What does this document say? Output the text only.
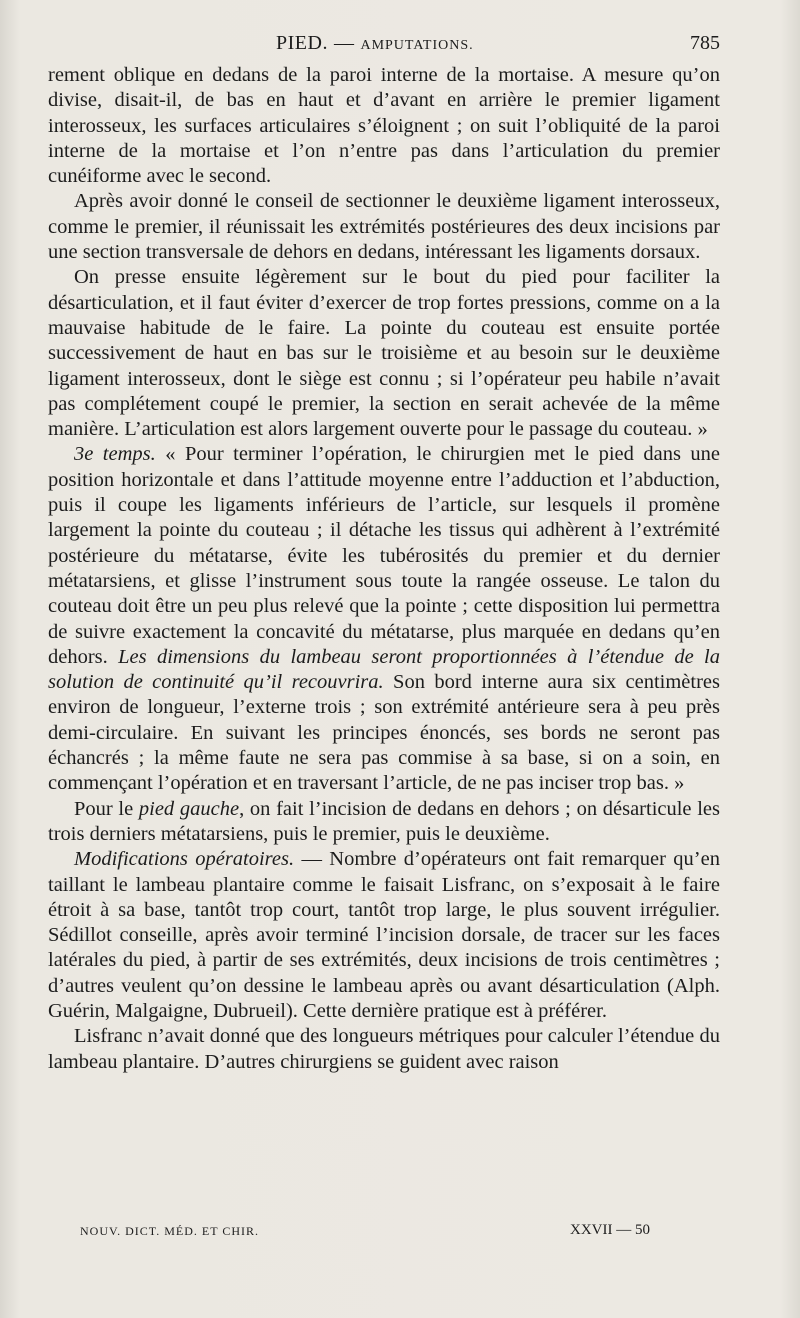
PIED. — AMPUTATIONS.	785

rement oblique en dedans de la paroi interne de la mortaise. A mesure qu’on divise, disait-il, de bas en haut et d’avant en arrière le premier ligament interosseux, les surfaces articulaires s’éloignent ; on suit l’obliquité de la paroi interne de la mortaise et l’on n’entre pas dans l’articulation du premier cunéiforme avec le second.

Après avoir donné le conseil de sectionner le deuxième ligament interosseux, comme le premier, il réunissait les extrémités postérieures des deux incisions par une section transversale de dehors en dedans, intéressant les ligaments dorsaux.

On presse ensuite légèrement sur le bout du pied pour faciliter la désarticulation, et il faut éviter d’exercer de trop fortes pressions, comme on a la mauvaise habitude de le faire. La pointe du couteau est ensuite portée successivement de haut en bas sur le troisième et au besoin sur le deuxième ligament interosseux, dont le siège est connu ; si l’opérateur peu habile n’avait pas complétement coupé le premier, la section en serait achevée de la même manière. L’articulation est alors largement ouverte pour le passage du couteau. »

3e temps. « Pour terminer l’opération, le chirurgien met le pied dans une position horizontale et dans l’attitude moyenne entre l’adduction et l’abduction, puis il coupe les ligaments inférieurs de l’article, sur lesquels il promène largement la pointe du couteau ; il détache les tissus qui adhèrent à l’extrémité postérieure du métatarse, évite les tubérosités du premier et du dernier métatarsiens, et glisse l’instrument sous toute la rangée osseuse. Le talon du couteau doit être un peu plus relevé que la pointe ; cette disposition lui permettra de suivre exactement la concavité du métatarse, plus marquée en dedans qu’en dehors. Les dimensions du lambeau seront proportionnées à l’étendue de la solution de continuité qu’il recouvrira. Son bord interne aura six centimètres environ de longueur, l’externe trois ; son extrémité antérieure sera à peu près demi-circulaire. En suivant les principes énoncés, ses bords ne seront pas échancrés ; la même faute ne sera pas commise à sa base, si on a soin, en commençant l’opération et en traversant l’article, de ne pas inciser trop bas. »

Pour le pied gauche, on fait l’incision de dedans en dehors ; on désarticule les trois derniers métatarsiens, puis le premier, puis le deuxième.

Modifications opératoires. — Nombre d’opérateurs ont fait remarquer qu’en taillant le lambeau plantaire comme le faisait Lisfranc, on s’exposait à le faire étroit à sa base, tantôt trop court, tantôt trop large, le plus souvent irrégulier. Sédillot conseille, après avoir terminé l’incision dorsale, de tracer sur les faces latérales du pied, à partir de ses extrémités, deux incisions de trois centimètres ; d’autres veulent qu’on dessine le lambeau après ou avant désarticulation (Alph. Guérin, Malgaigne, Dubrueil). Cette dernière pratique est à préférer.

Lisfranc n’avait donné que des longueurs métriques pour calculer l’étendue du lambeau plantaire. D’autres chirurgiens se guident avec raison

NOUV. DICT. MÉD. ET CHIR.	XXVII — 50
